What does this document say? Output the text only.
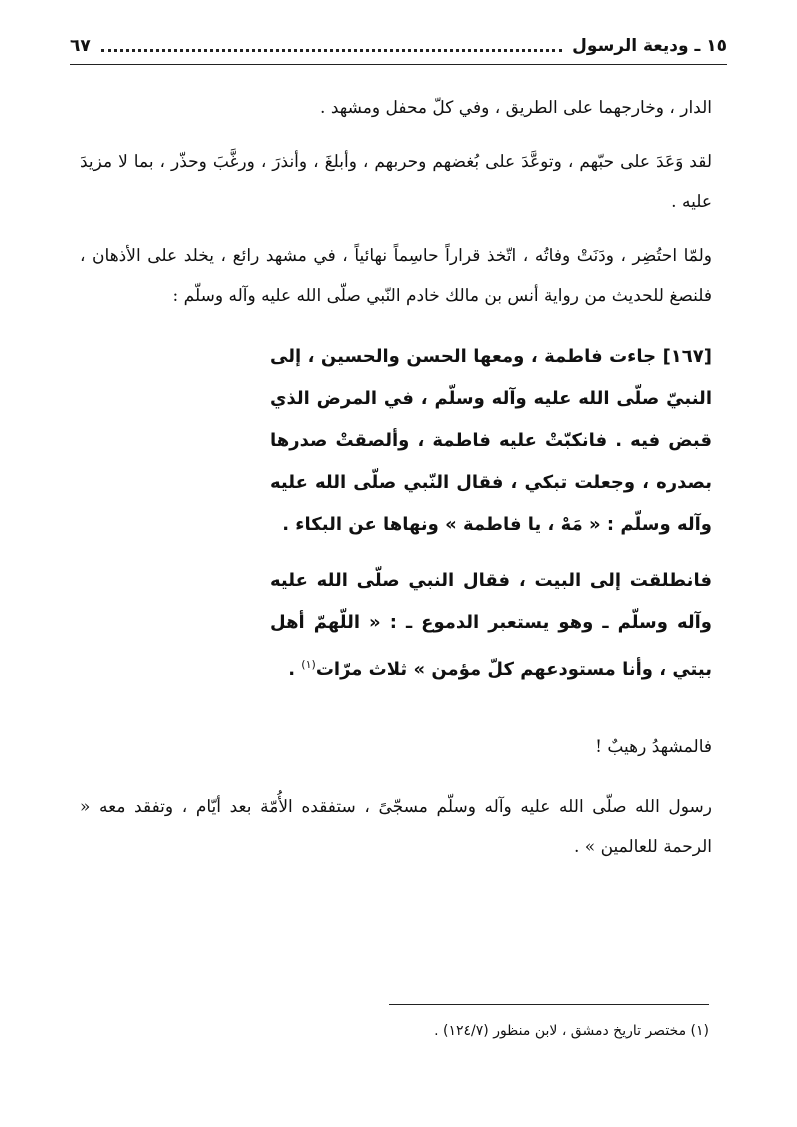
١٥ ـ وديعة الرسول
٦٧

الدار ، وخارجهما على الطريق ، وفي كلّ محفل ومشهد .

لقد وَعَدَ على حبّهم ، وتوعَّدَ على بُغضهم وحربهم ، وأبلغَ ، وأنذرَ ، ورغَّبَ وحذّر ، بما لا مزيدَ عليه .

ولمّا احتُضِر ، ودَنَتْ وفاتُه ، اتّخذ قراراً حاسِماً نهائياً ، في مشهد رائع ، يخلد على الأذهان ، فلنصغ للحديث من رواية أنس بن مالك خادم النّبي صلّى الله عليه وآله وسلّم :

[١٦٧] جاءت فاطمة ، ومعها الحسن والحسين ، إلى النبيّ صلّى الله عليه وآله وسلّم ، في المرض الذي قبض فيه . فانكبّتْ عليه فاطمة ، وألصقتْ صدرها بصدره ، وجعلت تبكي ، فقال النّبي صلّى الله عليه وآله وسلّم : « مَهْ ، يا فاطمة » ونهاها عن البكاء .

فانطلقت إلى البيت ، فقال النبي صلّى الله عليه وآله وسلّم ـ وهو يستعبر الدموع ـ : « اللّهمّ أهل بيتي ، وأنا مستودعهم كلّ مؤمن » ثلاث مرّات$^{(١)}$ .

فالمشهدُ رهيبٌ !

رسول الله صلّى الله عليه وآله وسلّم مسجّىً ، ستفقده الأُمّة بعد أيّام ، وتفقد معه « الرحمة للعالمين » .

(١) مختصر تاريخ دمشق ، لابن منظور (١٢٤/٧) .
